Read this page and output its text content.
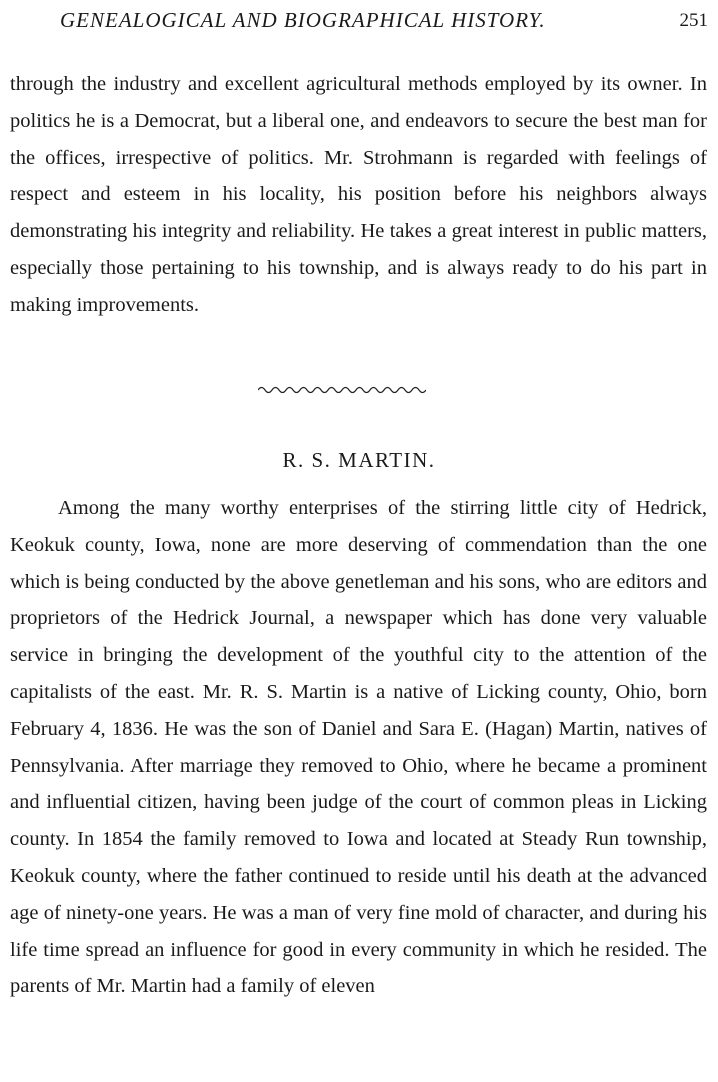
GENEALOGICAL AND BIOGRAPHICAL HISTORY.	251

through the industry and excellent agricultural methods employed by its owner. In politics he is a Democrat, but a liberal one, and endeavors to secure the best man for the offices, irrespective of politics. Mr. Strohmann is regarded with feelings of respect and esteem in his locality, his position before his neighbors always demonstrating his integrity and reliability. He takes a great interest in public matters, especially those pertaining to his township, and is always ready to do his part in making improvements.

R. S. MARTIN.

Among the many worthy enterprises of the stirring little city of Hedrick, Keokuk county, Iowa, none are more deserving of commendation than the one which is being conducted by the above genetleman and his sons, who are editors and proprietors of the Hedrick Journal, a newspaper which has done very valuable service in bringing the development of the youthful city to the attention of the capitalists of the east. Mr. R. S. Martin is a native of Licking county, Ohio, born February 4, 1836. He was the son of Daniel and Sara E. (Hagan) Martin, natives of Pennsylvania. After marriage they removed to Ohio, where he became a prominent and influential citizen, having been judge of the court of common pleas in Licking county. In 1854 the family removed to Iowa and located at Steady Run township, Keokuk county, where the father continued to reside until his death at the advanced age of ninety-one years. He was a man of very fine mold of character, and during his life time spread an influence for good in every community in which he resided. The parents of Mr. Martin had a family of eleven
